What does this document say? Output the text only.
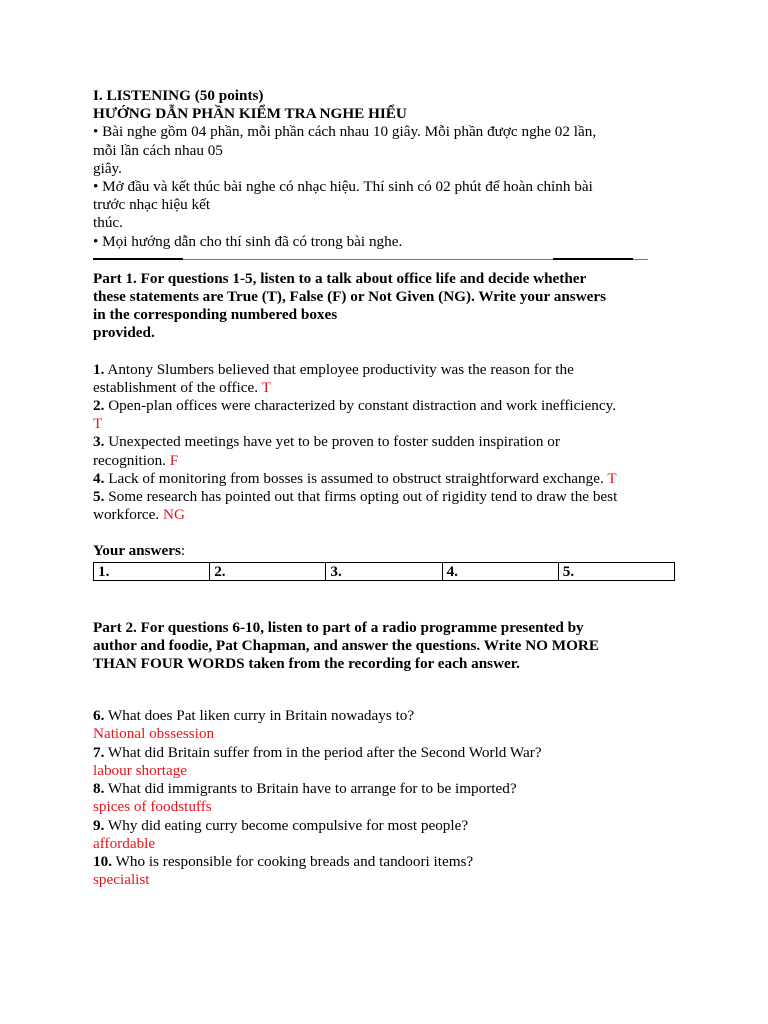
I. LISTENING (50 points)
HƯỚNG DẪN PHẦN KIỂM TRA NGHE HIỂU
• Bài nghe gồm 04 phần, mỗi phần cách nhau 10 giây. Mỗi phần được nghe 02 lần,
mỗi lần cách nhau 05
giây.
• Mở đầu và kết thúc bài nghe có nhạc hiệu. Thí sinh có 02 phút để hoàn chỉnh bài
trước nhạc hiệu kết
thúc.
• Mọi hướng dẫn cho thí sinh đã có trong bài nghe.
Part 1. For questions 1-5, listen to a talk about office life and decide whether
these statements are True (T), False (F) or Not Given (NG). Write your answers
in the corresponding numbered boxes
provided.
1. Antony Slumbers believed that employee productivity was the reason for the
establishment of the office. T
2. Open-plan offices were characterized by constant distraction and work inefficiency.
T
3. Unexpected meetings have yet to be proven to foster sudden inspiration or
recognition. F
4. Lack of monitoring from bosses is assumed to obstruct straightforward exchange. T
5. Some research has pointed out that firms opting out of rigidity tend to draw the best
workforce. NG
Your answers:
1.	2.	3.	4.	5.
Part 2. For questions 6-10, listen to part of a radio programme presented by
author and foodie, Pat Chapman, and answer the questions. Write NO MORE
THAN FOUR WORDS taken from the recording for each answer.
6. What does Pat liken curry in Britain nowadays to?
National obssession
7. What did Britain suffer from in the period after the Second World War?
labour shortage
8. What did immigrants to Britain have to arrange for to be imported?
spices of foodstuffs
9. Why did eating curry become compulsive for most people?
affordable
10. Who is responsible for cooking breads and tandoori items?
specialist
